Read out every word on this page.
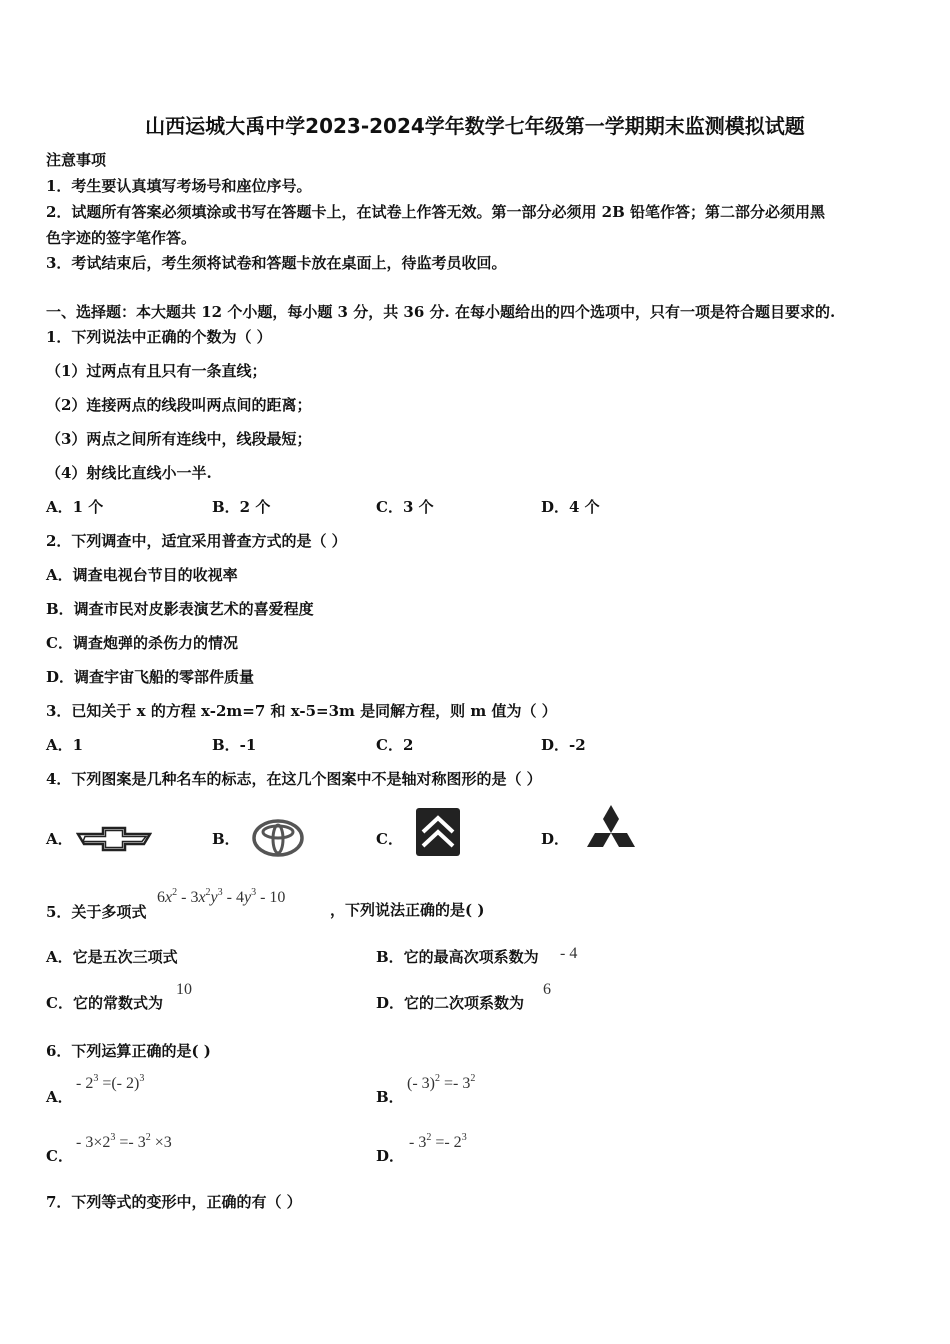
山西运城大禹中学2023-2024学年数学七年级第一学期期末监测模拟试题
注意事项
1．考生要认真填写考场号和座位序号。
2．试题所有答案必须填涂或书写在答题卡上，在试卷上作答无效。第一部分必须用 2B 铅笔作答；第二部分必须用黑
色字迹的签字笔作答。
3．考试结束后，考生须将试卷和答题卡放在桌面上，待监考员收回。
一、选择题：本大题共 12 个小题，每小题 3 分，共 36 分. 在每小题给出的四个选项中，只有一项是符合题目要求的.
1．下列说法中正确的个数为（ ）
（1）过两点有且只有一条直线；
（2）连接两点的线段叫两点间的距离；
（3）两点之间所有连线中，线段最短；
（4）射线比直线小一半.
A．1 个	B．2 个	C．3 个	D．4 个
2．下列调查中，适宜采用普查方式的是（ ）
A．调查电视台节目的收视率
B．调查市民对皮影表演艺术的喜爱程度
C．调查炮弹的杀伤力的情况
D．调查宇宙飞船的零部件质量
3．已知关于 x 的方程 x-2m=7 和 x-5=3m 是同解方程，则 m 值为（ ）
A．1	B．-1	C．2	D．-2
4．下列图案是几种名车的标志，在这几个图案中不是轴对称图形的是（ ）
A．	B．	C．	D．
5．关于多项式
$6x^2 - 3x^2y^3 - 4y^3 - 10$
，下列说法正确的是( )
A．它是五次三项式	B．它的最高次项系数为 - 4
C．它的常数式为
10
D．它的二次项系数为
6
6．下列运算正确的是( )
A．
- $2^3$ =(- 2)$^3$
B．
(- $3)^2 =- 3^2$
C．
- $3\times 2^3 =- 3^2 \times 3$
D．
- $3^2 =- 2^3$
7．下列等式的变形中，正确的有（ ）
